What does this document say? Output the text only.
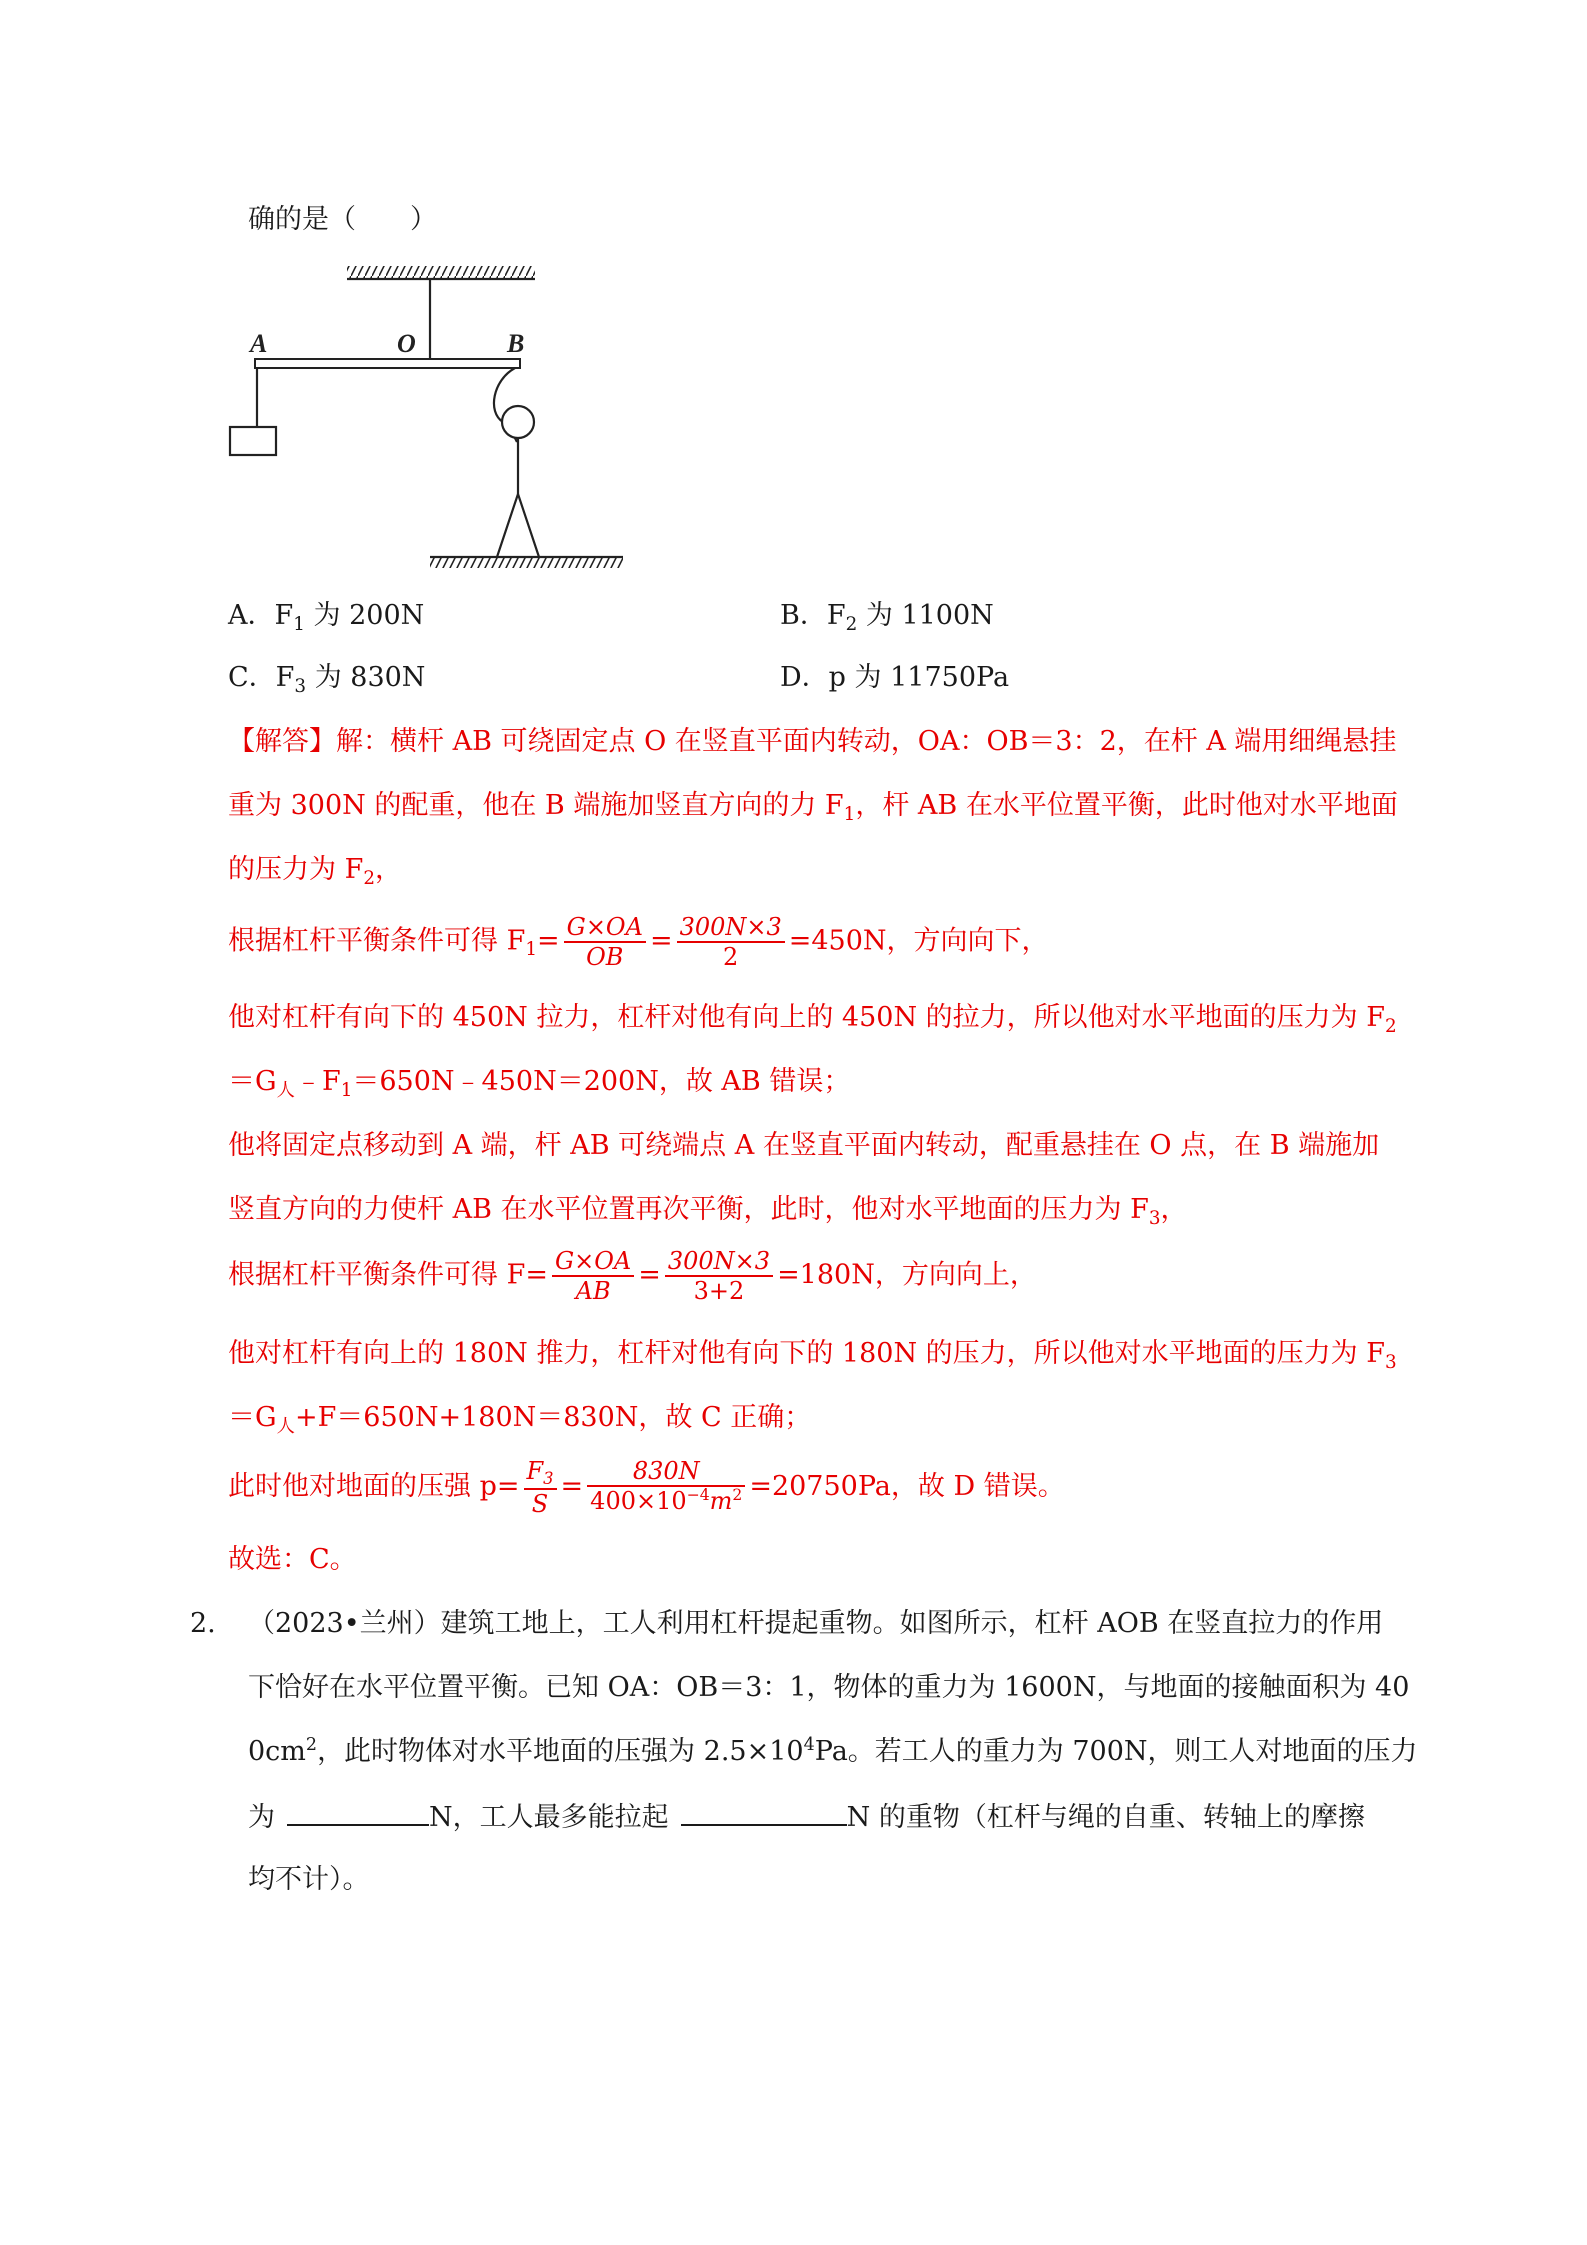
确的是（　　）
A	O	B
A．$F_1$ 为 200N	B．$F_2$ 为 1100N
C．$F_3$ 为 830N	D．p 为 11750Pa
【解答】解：横杆 AB 可绕固定点 O 在竖直平面内转动，OA：OB＝3：2，在杆 A 端用细绳悬挂
重为 300N 的配重，他在 B 端施加竖直方向的力 $F_1$，杆 AB 在水平位置平衡，此时他对水平地面
的压力为 $F_2$，
根据杠杆平衡条件可得 $F_1= \frac{G\times OA}{OB} = \frac{300N\times 3}{2} =450N$，方向向下，
他对杠杆有向下的 450N 拉力，杠杆对他有向上的 450N 的拉力，所以他对水平地面的压力为 $F_2$
$=G_人﹣F_1=650N﹣450N=200N$，故 AB 错误；
他将固定点移动到 A 端，杆 AB 可绕端点 A 在竖直平面内转动，配重悬挂在 O 点，在 B 端施加
竖直方向的力使杆 AB 在水平位置再次平衡，此时，他对水平地面的压力为 $F_3$，
根据杠杆平衡条件可得 $F= \frac{G\times OA}{AB} = \frac{300N\times 3}{3+2} =180N$，方向向上，
他对杠杆有向上的 180N 推力，杠杆对他有向下的 180N 的压力，所以他对水平地面的压力为 $F_3$
$=G_人+F=650N+180N=830N$，故 C 正确；
此时他对地面的压强 $p= \frac{F_3}{S} = \frac{830N}{400\times 10^{-4}m^2} =20750Pa$，故 D 错误。
故选：C。
2. （2023•兰州）建筑工地上，工人利用杠杆提起重物。如图所示，杠杆 AOB 在竖直拉力的作用
下恰好在水平位置平衡。已知 OA：OB＝3：1，物体的重力为 1600N，与地面的接触面积为 40
$0cm^2$，此时物体对水平地面的压强为 $2.5\times 10^4Pa$。若工人的重力为 700N，则工人对地面的压力
为	N，工人最多能拉起	N 的重物（杠杆与绳的自重、转轴上的摩擦
均不计）。
